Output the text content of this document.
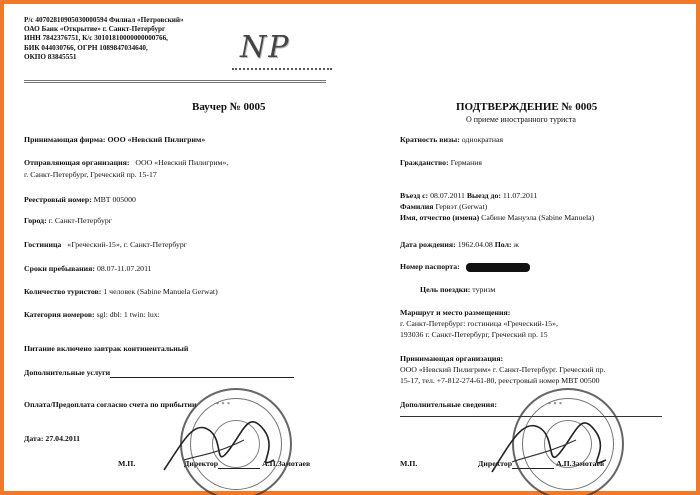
Р/с 40702810905030000594 Филиал «Петровский»
ОАО Банк «Открытие» г. Санкт-Петербург
ИНН 7842376751, К/с 30101810000000000766,
БИК 044030766, ОГРН 1089847034640,
ОКПО 83845551	NP
Ваучер № 0005	ПОДТВЕРЖДЕНИЕ № 0005
О приеме иностранного туриста
Принимающая фирма: ООО «Невский Пилигрим»
Отправляющая организация: ООО «Невский Пилигрим»,
г. Санкт-Петербург, Греческий пр. 15-17
Реестровый номер: МВТ 005000
Город: г. Санкт-Петербург
Гостиница «Греческий-15», г. Санкт-Петербург
Сроки пребывания: 08.07-11.07.2011
Количество туристов: 1 человек (Sabine Manuela Gerwat)
Категория номеров: sgl: dbl: 1 twin: lux:
Питание включено завтрак континентальный
Дополнительные услуги
Оплата/Предоплата согласно счета по прибытии
Дата: 27.04.2011
М.П.	Директор	А.П.Замотаев
* * *
Кратность визы: однократная
Гражданство: Германия
Въезд с: 08.07.2011 Выезд до: 11.07.2011
Фамилия Гервэт (Gerwat)
Имя, отчество (имена) Сабине Мануэла (Sabine Manuela)
Дата рождения: 1962.04.08 Пол: ж
Номер паспорта:
Цель поездки: туризм
Маршрут и место размещения:
г. Санкт-Петербург: гостиница «Греческий-15»,
193036 г. Санкт-Петербург, Греческий пр. 15
Принимающая организация:
ООО «Невский Пилигрим» г. Санкт-Петербург. Греческий пр.
15-17, тел. +7-812-274-61-80, реестровый номер МВТ 00500
Дополнительные сведения:
М.П.	Директор	А.П.Замотаев
* * *
